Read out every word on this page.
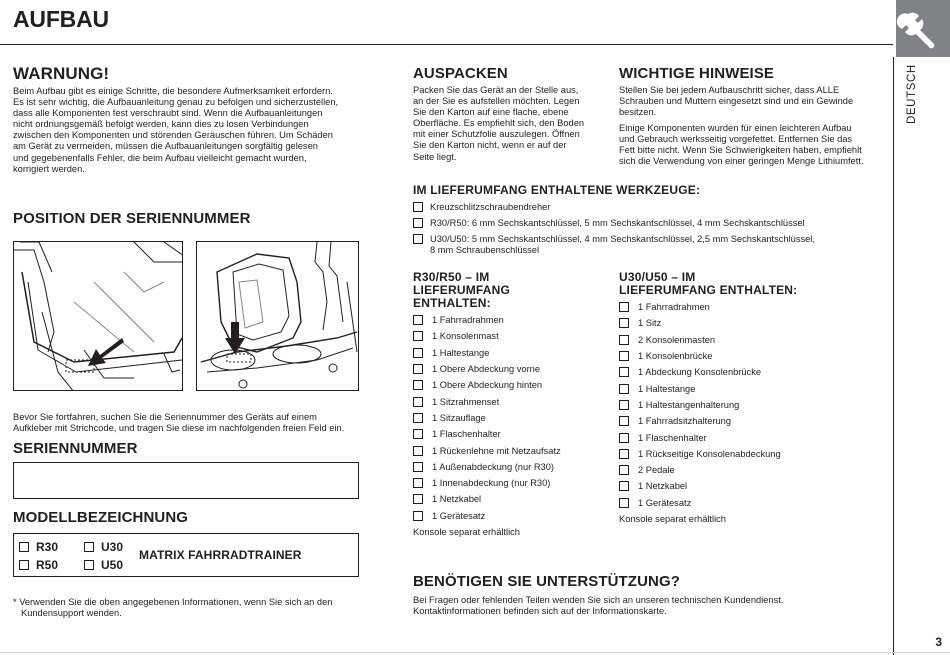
AUFBAU
DEUTSCH
WARNUNG!
Beim Aufbau gibt es einige Schritte, die besondere Aufmerksamkeit erfordern.
Es ist sehr wichtig, die Aufbauanleitung genau zu befolgen und sicherzustellen,
dass alle Komponenten fest verschraubt sind. Wenn die Aufbauanleitungen
nicht ordnungsgemäß befolgt werden, kann dies zu losen Verbindungen
zwischen den Komponenten und störenden Geräuschen führen. Um Schäden
am Gerät zu vermeiden, müssen die Aufbauanleitungen sorgfältig gelesen
und gegebenenfalls Fehler, die beim Aufbau vielleicht gemacht wurden,
korrigiert werden.
POSITION DER SERIENNUMMER
Bevor Sie fortfahren, suchen Sie die Seriennummer des Geräts auf einem
Aufkleber mit Strichcode, und tragen Sie diese im nachfolgenden freien Feld ein.
SERIENNUMMER
MODELLBEZEICHNUNG
R30	U30
R50	U50
MATRIX FAHRRADTRAINER
* Verwenden Sie die oben angegebenen Informationen, wenn Sie sich an den
Kundensupport wenden.
AUSPACKEN
Packen Sie das Gerät an der Stelle aus,
an der Sie es aufstellen möchten. Legen
Sie den Karton auf eine flache, ebene
Oberfläche. Es empfiehlt sich, den Boden
mit einer Schutzfolie auszulegen. Öffnen
Sie den Karton nicht, wenn er auf der
Seite liegt.
WICHTIGE HINWEISE
Stellen Sie bei jedem Aufbauschritt sicher, dass ALLE
Schrauben und Muttern eingesetzt sind und ein Gewinde
besitzen.
Einige Komponenten wurden für einen leichteren Aufbau
und Gebrauch werksseitig vorgefettet. Entfernen Sie das
Fett bitte nicht. Wenn Sie Schwierigkeiten haben, empfiehlt
sich die Verwendung von einer geringen Menge Lithiumfett.
IM LIEFERUMFANG ENTHALTENE WERKZEUGE:
Kreuzschlitzschraubendreher
R30/R50: 6 mm Sechskantschlüssel, 5 mm Sechskantschlüssel, 4 mm Sechskantschlüssel
U30/U50: 5 mm Sechskantschlüssel, 4 mm Sechskantschlüssel, 2,5 mm Sechskantschlüssel,
8 mm Schraubenschlüssel
R30/R50 – IM
LIEFERUMFANG
ENTHALTEN:
1 Fahrradrahmen
1 Konsolenmast
1 Haltestange
1 Obere Abdeckung vorne
1 Obere Abdeckung hinten
1 Sitzrahmenset
1 Sitzauflage
1 Flaschenhalter
1 Rückenlehne mit Netzaufsatz
1 Außenabdeckung (nur R30)
1 Innenabdeckung (nur R30)
1 Netzkabel
1 Gerätesatz
Konsole separat erhältlich
U30/U50 – IM
LIEFERUMFANG ENTHALTEN:
1 Fahrradrahmen
1 Sitz
2 Konsolenmasten
1 Konsolenbrücke
1 Abdeckung Konsolenbrücke
1 Haltestange
1 Haltestangenhalterung
1 Fahrradsitzhalterung
1 Flaschenhalter
1 Rückseitige Konsolenabdeckung
2 Pedale
1 Netzkabel
1 Gerätesatz
Konsole separat erhältlich
BENÖTIGEN SIE UNTERSTÜTZUNG?
Bei Fragen oder fehlenden Teilen wenden Sie sich an unseren technischen Kundendienst.
Kontaktinformationen befinden sich auf der Informationskarte.
3
